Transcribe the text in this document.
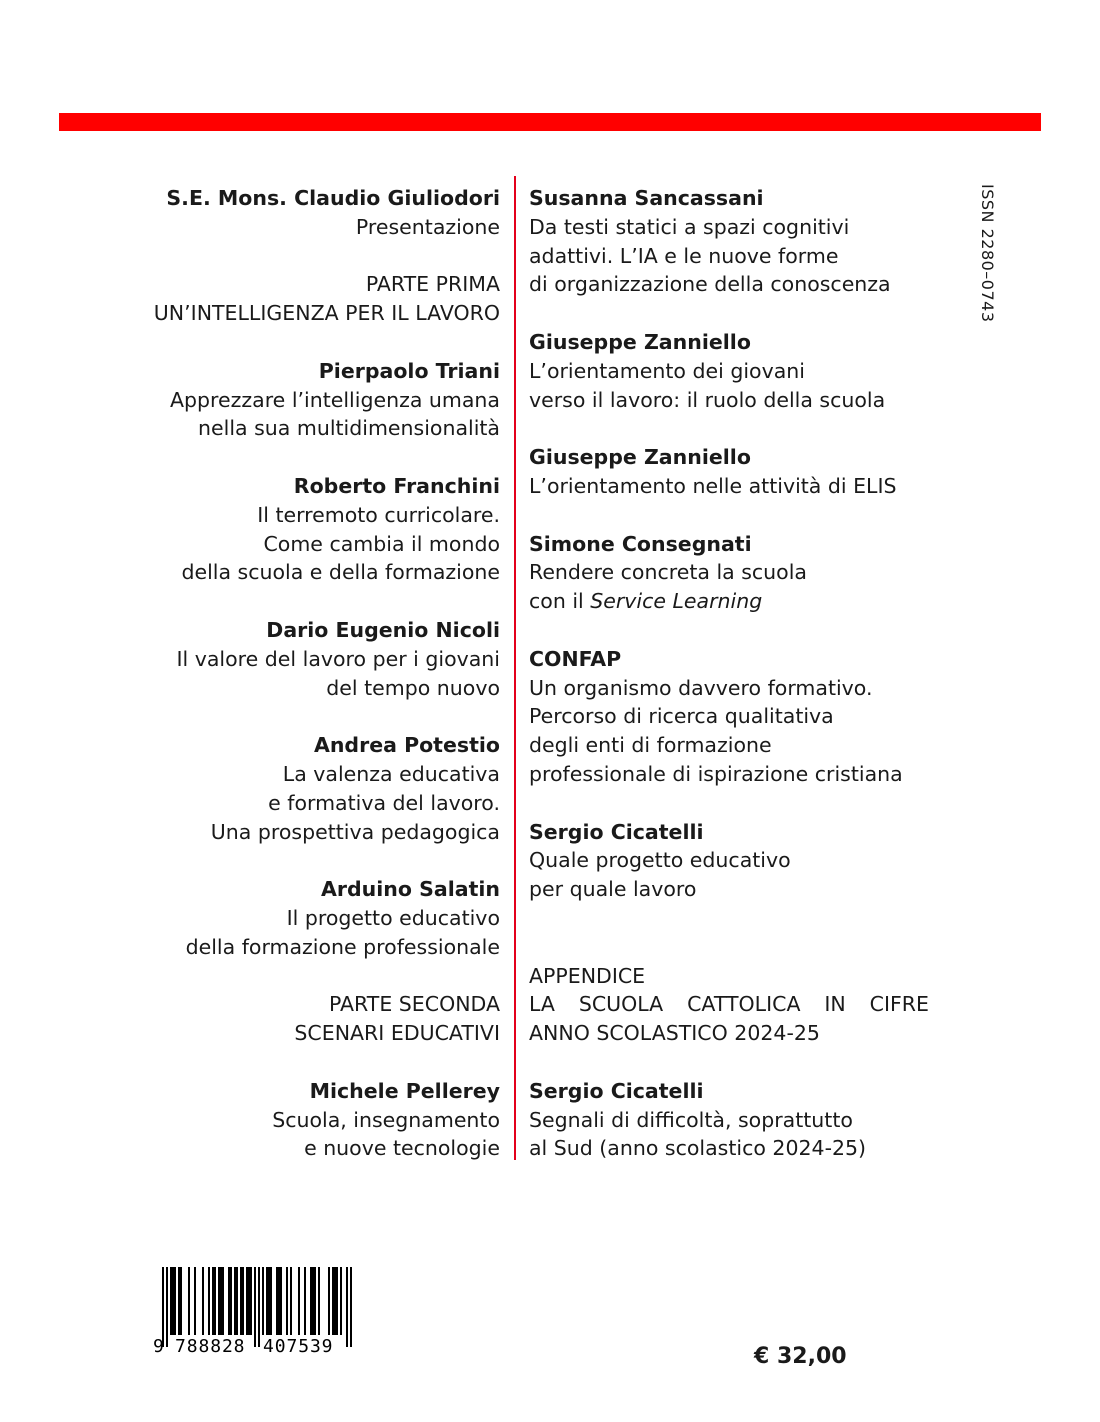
S.E. Mons. Claudio Giuliodori
Presentazione
PARTE PRIMA
UN’INTELLIGENZA PER IL LAVORO
Pierpaolo Triani
Apprezzare l’intelligenza umana
nella sua multidimensionalità
Roberto Franchini
Il terremoto curricolare.
Come cambia il mondo
della scuola e della formazione
Dario Eugenio Nicoli
Il valore del lavoro per i giovani
del tempo nuovo
Andrea Potestio
La valenza educativa
e formativa del lavoro.
Una prospettiva pedagogica
Arduino Salatin
Il progetto educativo
della formazione professionale
PARTE SECONDA
SCENARI EDUCATIVI
Michele Pellerey
Scuola, insegnamento
e nuove tecnologie
Susanna Sancassani
Da testi statici a spazi cognitivi
adattivi. L’IA e le nuove forme
di organizzazione della conoscenza
Giuseppe Zanniello
L’orientamento dei giovani
verso il lavoro: il ruolo della scuola
Giuseppe Zanniello
L’orientamento nelle attività di ELIS
Simone Consegnati
Rendere concreta la scuola
con il Service Learning
CONFAP
Un organismo davvero formativo.
Percorso di ricerca qualitativa
degli enti di formazione
professionale di ispirazione cristiana
Sergio Cicatelli
Quale progetto educativo
per quale lavoro
APPENDICE
LA SCUOLA CATTOLICA IN CIFRE
ANNO SCOLASTICO 2024-25
Sergio Cicatelli
Segnali di difficoltà, soprattutto
al Sud (anno scolastico 2024-25)
ISSN 2280–0743
9 788828 407539	€ 32,00
